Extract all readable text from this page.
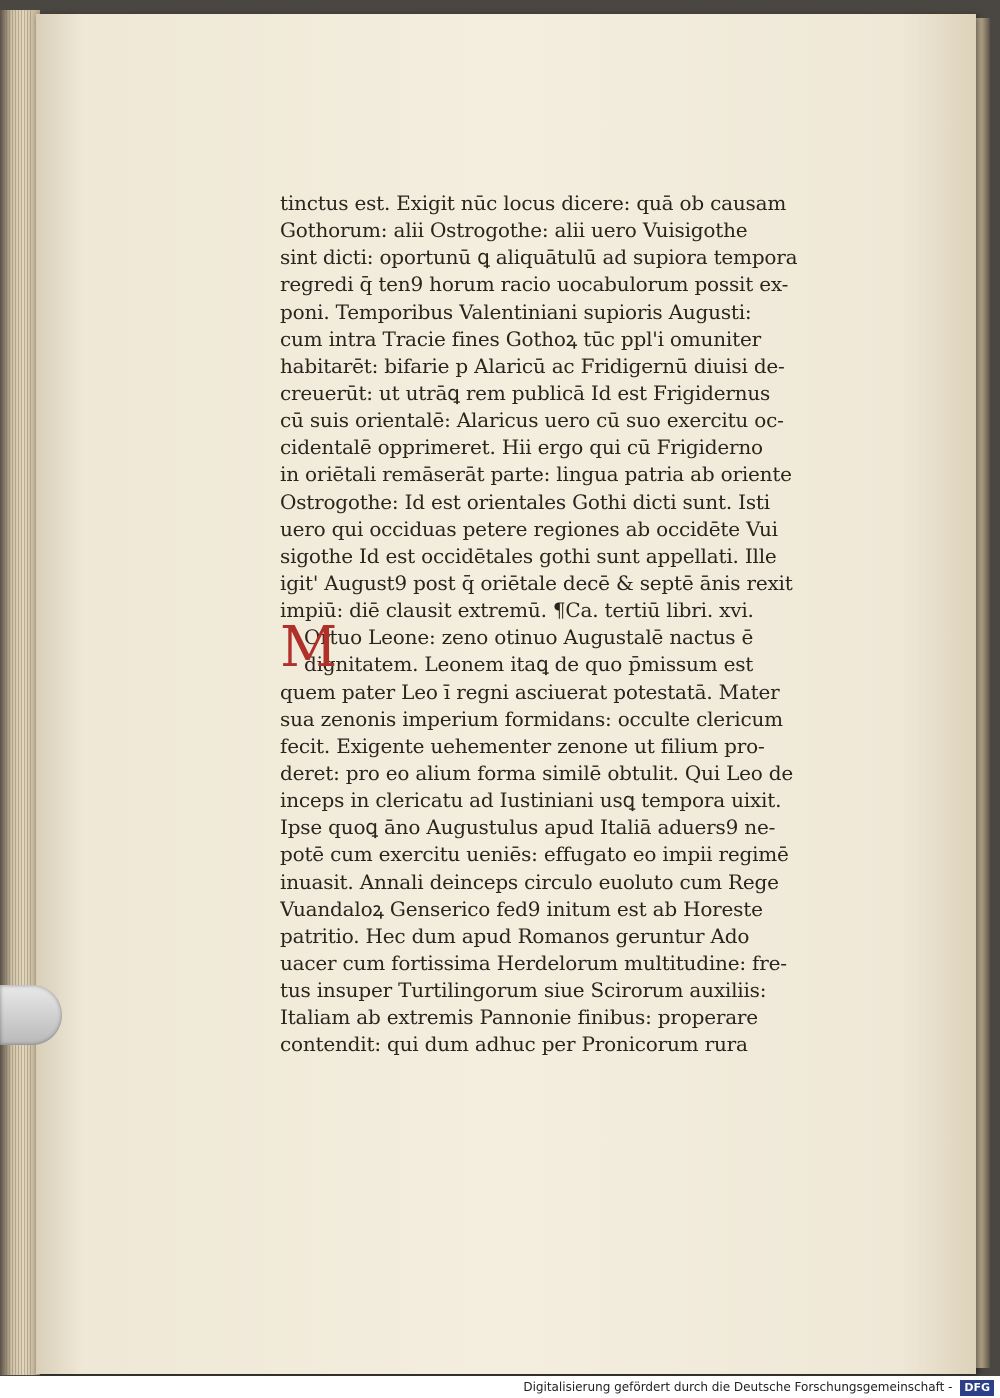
tinctus est. Exigit nūc locus dicere: quā ob causam
Gothorum: alii Ostrogothe: alii uero Vuisigothe
sint dicti: oportunū ꝗ aliquātulū ad supiora tempora
regredi q̄ ten9 horum racio uocabulorum possit ex-
poni. Temporibus Valentiniani supioris Augusti:
cum intra Tracie fines Gothoꝝ tūc ppl'i omuniter
habitarēt: bifarie p Alaricū ac Fridigernū diuisi de-
creuerūt: ut utrāꝗ rem publicā Id est Frigidernus
cū suis orientalē: Alaricus uero cū suo exercitu oc-
cidentalē opprimeret. Hii ergo qui cū Frigiderno
in oriētali remāserāt parte: lingua patria ab oriente
Ostrogothe: Id est orientales Gothi dicti sunt. Isti
uero qui occiduas petere regiones ab occidēte Vui
sigothe Id est occidētales gothi sunt appellati. Ille
igit' August9 post q̄ oriētale decē & septē ānis rexit
impiū: diē clausit extremū. ¶Ca. tertiū libri. xvi.
Ortuo Leone: zeno otinuo Augustalē nactus ē
dignitatem. Leonem itaꝗ de quo p̄missum est
quem pater Leo ī regni asciuerat potestatā. Mater
sua zenonis imperium formidans: occulte clericum
fecit. Exigente uehementer zenone ut filium pro-
deret: pro eo alium forma similē obtulit. Qui Leo de
inceps in clericatu ad Iustiniani usꝗ tempora uixit.
Ipse quoꝗ āno Augustulus apud Italiā aduers9 ne-
potē cum exercitu ueniēs: effugato eo impii regimē
inuasit. Annali deinceps circulo euoluto cum Rege
Vuandaloꝝ Genserico fed9 initum est ab Horeste
patritio. Hec dum apud Romanos geruntur Ado
uacer cum fortissima Herdelorum multitudine: fre-
tus insuper Turtilingorum siue Scirorum auxiliis:
Italiam ab extremis Pannonie finibus: properare
contendit: qui dum adhuc per Pronicorum rura
M
Digitalisierung gefördert durch die Deutsche Forschungsgemeinschaft - DFG
